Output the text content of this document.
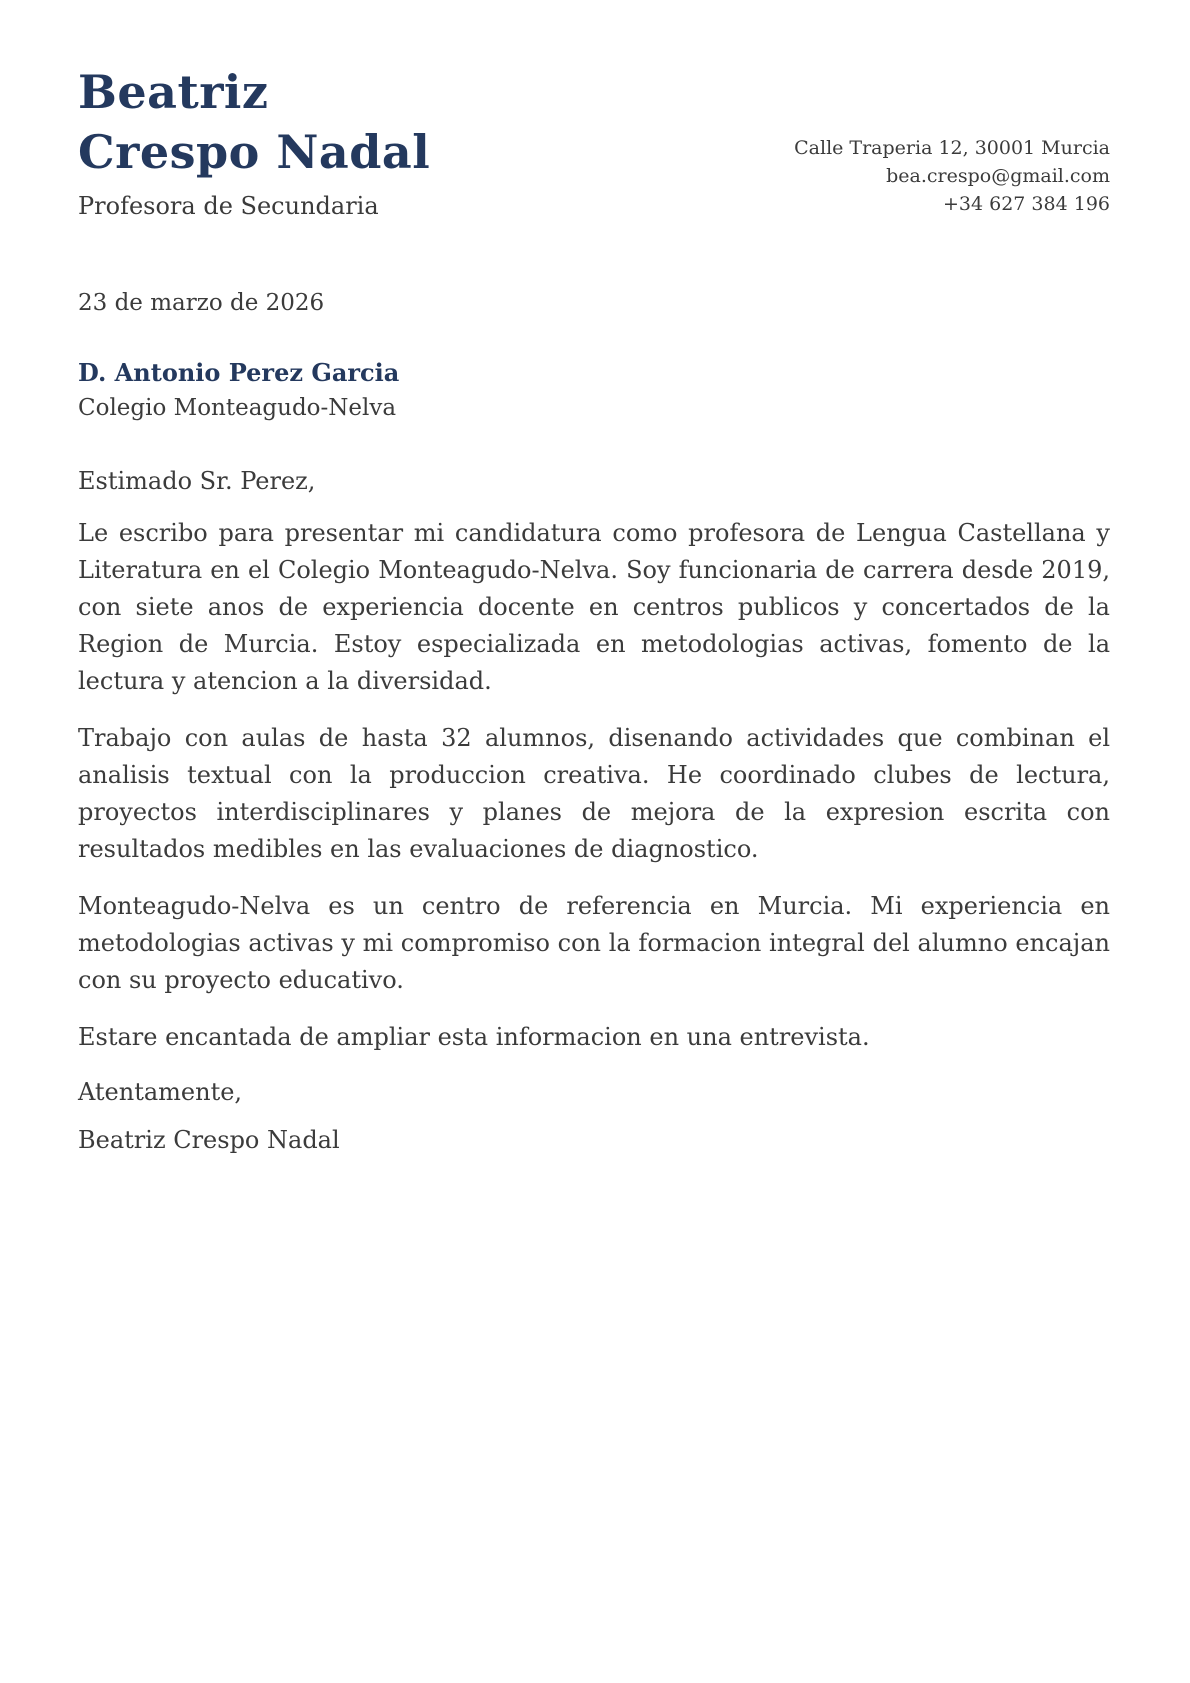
Beatriz
Crespo Nadal
Profesora de Secundaria
Calle Traperia 12, 30001 Murcia
bea.crespo@gmail.com
+34 627 384 196
23 de marzo de 2026
D. Antonio Perez Garcia
Colegio Monteagudo-Nelva
Estimado Sr. Perez,

Le escribo para presentar mi candidatura como profesora de Lengua Castellana y Literatura en el Colegio Monteagudo-Nelva. Soy funcionaria de carrera desde 2019, con siete anos de experiencia docente en centros publicos y concertados de la Region de Murcia. Estoy especializada en metodologias activas, fomento de la lectura y atencion a la diversidad.

Trabajo con aulas de hasta 32 alumnos, disenando actividades que combinan el analisis textual con la produccion creativa. He coordinado clubes de lectura, proyectos interdisciplinares y planes de mejora de la expresion escrita con resultados medibles en las evaluaciones de diagnostico.

Monteagudo-Nelva es un centro de referencia en Murcia. Mi experiencia en metodologias activas y mi compromiso con la formacion integral del alumno encajan con su proyecto educativo.

Estare encantada de ampliar esta informacion en una entrevista.

Atentamente,
Beatriz Crespo Nadal
